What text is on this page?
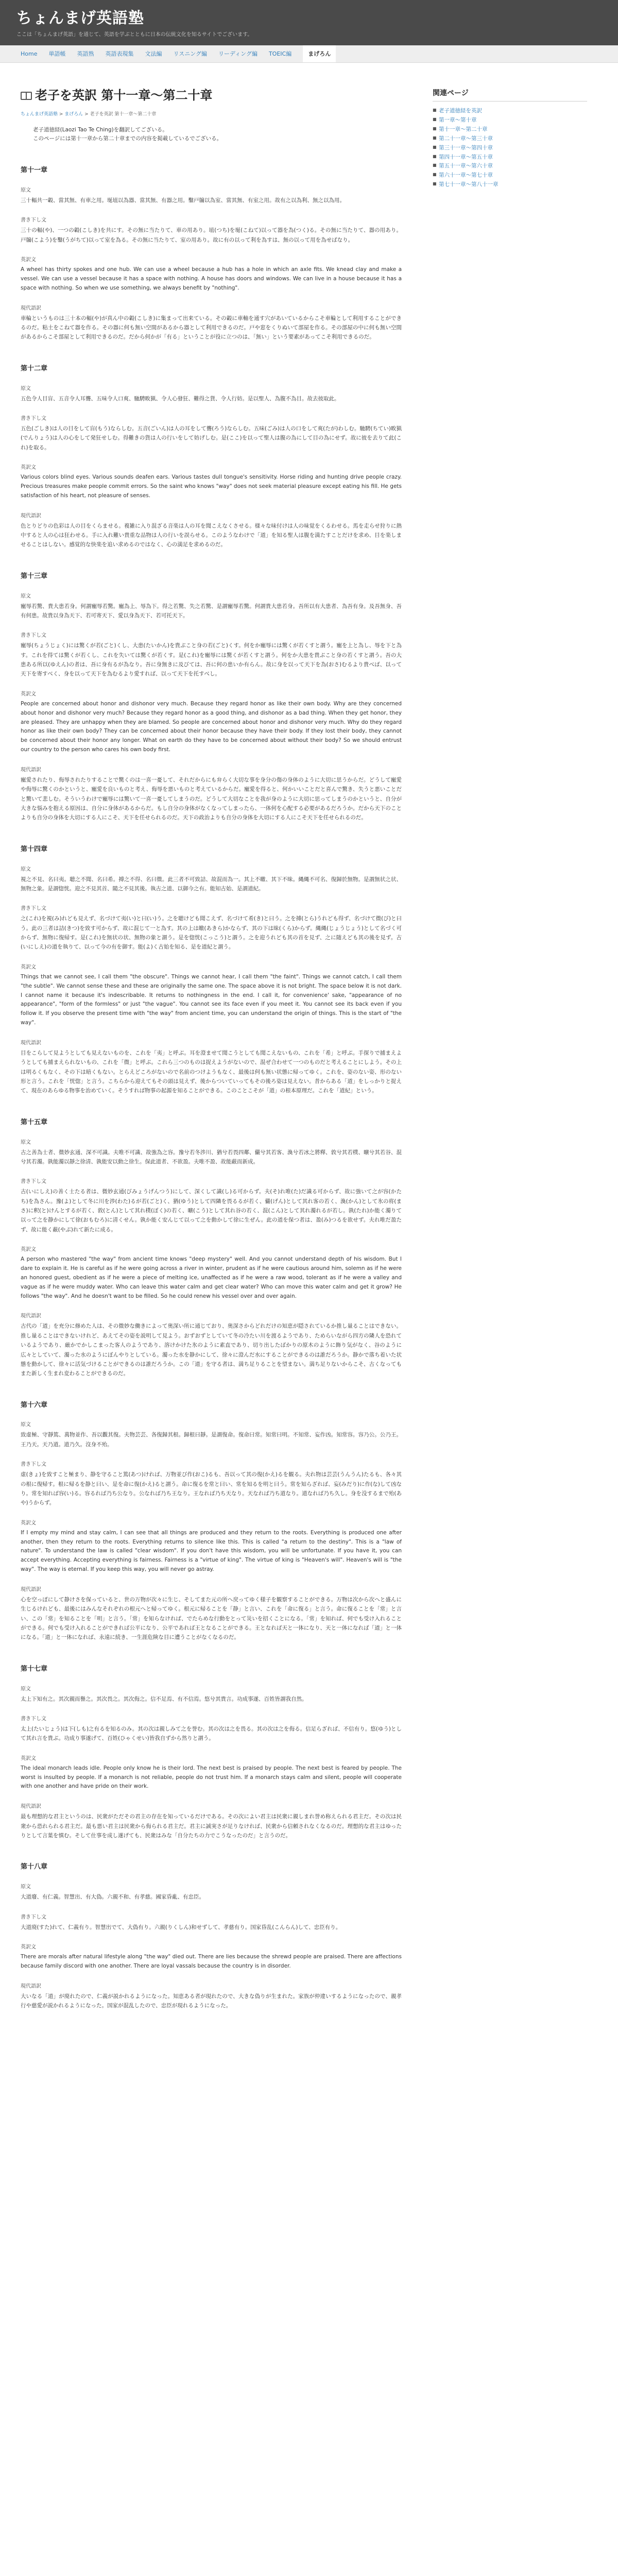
ちょんまげ英語塾
ここは「ちょんまげ英語」を通じて、英語を学ぶとともに日本の伝統文化を知るサイトでございます。
Home 単語帳 英語熟 英語表現集 文法編 リスニング編 リーディング編 TOEIC編	まげろん
老子を英訳 第十一章〜第二十章
ちょんまげ英語塾 > まげろん > 老子を英訳 第十一章〜第二十章

老子道徳経(Laozi Tao Te Ching)を翻訳してございる。

このページには第十一章から第二十章までの内容を掲載しているでございる。

第十一章
原文

三十輻共一轂、當其無、有車之用。埏埴以為器、當其無、有器之用。鑿戸牖以為室、當其無、有室之用。故有之以為利、無之以為用。

書き下し文

三十の輻(や)、一つの轂(こしき)を共にす。その無に当たりて、車の用あり。埴(つち)を埏(こねて)以って器を為(つく)る。その無に当たりて、器の用あり。戸牖(こよう)を鑿(うがちて)以って室を為る。その無に当たりて、室の用あり。故に有の以って利を為すは、無の以って用を為せばなり。

英訳文

A wheel has thirty spokes and one hub. We can use a wheel because a hub has a hole in which an axle fits. We knead clay and make a vessel. We can use a vessel because it has a space with nothing. A house has doors and windows. We can live in a house because it has a space with nothing. So when we use something, we always benefit by "nothing".

現代語訳

車輪というものは三十本の輻(や)が真ん中の轂(こしき)に集まって出来ている。その轂に車軸を通す穴があいているからこそ車輪として利用することができるのだ。粘土をこねて器を作る。その器に何も無い空間があるから器として利用できるのだ。戸や窓をくりぬいて部屋を作る。その部屋の中に何も無い空間があるからこそ部屋として利用できるのだ。だから何かが「有る」ということが役に立つのは、「無い」という要素があってこそ利用できるのだ。

第十二章
原文

五色令人目盲、五音令人耳聾、五味令人口爽、馳騁畋猟、令人心發狂、難得之貨、令人行妨。是以聖人、為腹不為目。故去彼取此。

書き下し文

五色(ごしき)は人の目をして盲(もう)ならしむ。五音(ごいん)は人の耳をして聾(ろう)ならしむ。五味(ごみ)は人の口をして爽(たが)わしむ。馳騁(ちてい)畋猟(でんりょう)は人の心をして発狂せしむ。得難きの貨は人の行いをして妨げしむ。是(ここ)を以って聖人は腹の為にして目の為にせず。故に彼を去りて此(これ)を取る。

英訳文

Various colors blind eyes. Various sounds deafen ears. Various tastes dull tongue's sensitivity. Horse riding and hunting drive people crazy. Precious treasures make people commit errors. So the saint who knows "way" does not seek material pleasure except eating his fill. He gets satisfaction of his heart, not pleasure of senses.

現代語訳

色とりどりの色彩は人の目をくらませる。複雑に入り混ざる音楽は人の耳を聞こえなくさせる。様々な味付けは人の味覚をくるわせる。馬を走らせ狩りに熱中すると人の心は狂わせる。手に入れ難い貴重な品物は人の行いを誤らせる。このようなわけで「道」を知る聖人は腹を満たすことだけを求め、目を楽しませることはしない。感覚的な快楽を追い求めるのではなく、心の満足を求めるのだ。

第十三章
原文

寵辱若驚、貴大患若身。何謂寵辱若驚。寵為上、辱為下。得之若驚、失之若驚、是謂寵辱若驚。何謂貴大患若身。吾所以有大患者、為吾有身。及吾無身、吾有何患。故貴以身為天下、若可寄天下、愛以身為天下、若可托天下。

書き下し文

寵辱(ちょうじょく)には驚くが若(ごと)くし、大患(たいかん)を貴ぶこと身の若(ごと)くす。何をか寵辱には驚くが若くすと謂う。寵を上と為し、辱を下と為す。これを得ては驚くが若くし、これを失いては驚くが若くす。是(これ)を寵辱には驚くが若くすと謂う。何をか大患を貴ぶこと身の若くすと謂う。吾の大患ある所以(ゆえん)の者は、吾に身有るが為なり。吾に身無きに及びては、吾に何の患いか有らん。故に身を以って天下を為(おさ)むるより貴べば、以って天下を寄すべく、身を以って天下を為むるより愛すれば、以って天下を托すべし。

英訳文

People are concerned about honor and dishonor very much. Because they regard honor as like their own body. Why are they concerned about honor and dishonor very much? Because they regard honor as a good thing, and dishonor as a bad thing. When they get honor, they are pleased. They are unhappy when they are blamed. So people are concerned about honor and dishonor very much. Why do they regard honor as like their own body? They can be concerned about their honor because they have their body. If they lost their body, they cannot be concerned about their honor any longer. What on earth do they have to be concerned about without their body? So we should entrust our country to the person who cares his own body first.

現代語訳

寵愛されたり、侮辱されたりすることで驚くのは一喜一憂して、それだからにも弁らく大切な事を身分の傷の身体のように大切に思うからだ。どうして寵愛や侮辱に驚くのかというと、寵愛を良いものと考え、侮辱を悪いものと考えているからだ。寵愛を得ると、何かいいことだと喜んで驚き、失うと悪いことだと驚いて悲しむ。そういうわけで寵辱には驚いて一喜一憂してしまうのだ。どうして大切なことを我が身のように大切に思ってしまうのかというと、自分が大きな悩みを抱える原因は、自分に身体があるからだ。もし自分の身体がなくなってしまったら、一体何を心配する必要があるだろうか。だから天下のことよりも自分の身体を大切にする人にこそ、天下を任せられるのだ。天下の政治よりも自分の身体を大切にする人にこそ天下を任せられるのだ。

第十四章
原文

視之不見、名曰夷。聴之不聞、名曰希。搏之不得、名曰微。此三者不可致詰、故混而為一。其上不皦、其下不昧。縄縄不可名、復歸於無物。是謂無状之状、無物之象。是謂惚恍。迎之不見其首、隨之不見其後。執古之道、以御今之有。能知古始、是謂道紀。

書き下し文

之(これ)を視(み)れども見えず、名づけて夷(い)と曰(い)う。之を聴けども聞こえず、名づけて希(き)と曰う。之を搏(とら)うれども得ず、名づけて微(び)と曰う。此の三者は詰(きつ)を致す可からず、故に混じて一と為す。其の上は皦(あきら)かならず、其の下は昧(くら)からず。縄縄(じょうじょう)として名づく可からず、無物に復帰す。是(これ)を無状の状、無物の象と謂う。是を惚恍(こっこう)と謂う。之を迎うれども其の首を見ず、之に随えども其の後を見ず。古(いにしえ)の道を執りて、以って今の有を御す。能(よ)く古始を知る、是を道紀と謂う。

英訳文

Things that we cannot see, I call them "the obscure". Things we cannot hear, I call them "the faint". Things we cannot catch, I call them "the subtle". We cannot sense these and these are originally the same one. The space above it is not bright. The space below it is not dark. I cannot name it because it's indescribable. It returns to nothingness in the end. I call it, for convenience' sake, "appearance of no appearance", "form of the formless" or just "the vague". You cannot see its face even if you meet it. You cannot see its back even if you follow it. If you observe the present time with "the way" from ancient time, you can understand the origin of things. This is the start of "the way".

現代語訳

目をこらして見ようとしても見えないものを、これを「夷」と呼ぶ。耳を澄ませて聞こうとしても聞こえないもの、これを「希」と呼ぶ。手探りで捕まえようとしても捕まえられないもの、これを「微」と呼ぶ。これら三つのものは捉えようがないので、混ぜ合わせて一つのものだと考えることにしよう。その上は明るくもなく、その下は暗くもない。とらえどころがないので名前のつけようもなく、最後は何も無い状態に帰ってゆく。これを、姿のない姿、形のない形と言う。これを「恍惚」と言う。こちらから迎えてもその頭は見えず、後からついていってもその後ろ姿は見えない。昔からある「道」をしっかりと捉えて、現在のあらゆる物事を治めていく。そうすれば物事の起源を知ることができる。このことこそが「道」の根本原理だ。これを「道紀」という。

第十五章
原文

古之善為士者、微妙玄通、深不可識。夫唯不可識、故強為之容。豫兮若冬渉川、猶兮若畏四鄰、儼兮其若客、渙兮若冰之將釋、敦兮其若樸、曠兮其若谷、混兮其若濁。孰能濁以靜之徐清、孰能安以動之徐生。保此道者、不欲盈。夫唯不盈、故能蔽而新成。

書き下し文

古(いにしえ)の善く士たる者は、微妙玄通(びみょうげんつう)にして、深くして識(し)る可からず。夫(そ)れ唯(た)だ識る可からず、故に強いて之が容(かたち)を為さん。豫(よ)として冬に川を渉(わた)るが若(ごと)く、猶(ゆう)として四隣を畏るるが若く、儼(げん)として其れ客の若く、渙(かん)として氷の将(まさ)に釈(と)けんとするが若く、敦(とん)として其れ樸(ぼく)の若く、曠(こう)として其れ谷の若く、混(こん)として其れ濁れるが若し。孰(たれ)か能く濁りて以って之を静かにして徐(おもむろ)に清くせん。孰か能く安んじて以って之を動かして徐に生ぜん。此の道を保つ者は、盈(み)つるを欲せず。夫れ唯だ盈たず、故に能く蔽(やぶ)れて新たに成る。

英訳文

A person who mastered "the way" from ancient time knows "deep mystery" well. And you cannot understand depth of his wisdom. But I dare to explain it. He is careful as if he were going across a river in winter, prudent as if he were cautious around him, solemn as if he were an honored guest, obedient as if he were a piece of melting ice, unaffected as if he were a raw wood, tolerant as if he were a valley and vague as if he were muddy water. Who can leave this water calm and get clear water? Who can move this water calm and get it grow? He follows "the way". And he doesn't want to be filled. So he could renew his vessel over and over again.

現代語訳

古代の「道」を充分に修めた人は、その微妙な働きによって奥深い所に通じており、奥深さからどれだけの知恵が隠されているか推し量ることはできない。推し量ることはできないけれど、あえてその姿を説明して見よう。おずおずとしていて冬の冷たい川を渡るようであり、ためらいながら四方の隣人を恐れているようであり、厳かでかしこまった客人のようであり、溶けかけた氷のように素直であり、切り出したばかりの原木のように飾り気がなく、谷のように広々としていて、濁った水のようにぼんやりとしている。濁った水を静かにして、徐々に澄んだ水にすることができるのは誰だろうか。静かで落ち着いた状態を動かして、徐々に活気づけることができるのは誰だろうか。この「道」を守る者は、満ち足りることを望まない。満ち足りないからこそ、古くなってもまた新しく生まれ変わることができるのだ。

第十六章
原文

致虚極、守靜篤、萬物並作、吾以觀其復。夫物芸芸、各復歸其根。歸根曰靜。是謂復命。復命曰常。知常曰明。不知常、妄作凶。知常容。容乃公。公乃王。王乃天。天乃道。道乃久。沒身不殆。

書き下し文

虚(きょ)を致すこと極まり、静を守ること篤(あつ)ければ、万物並び作(おこ)るも、吾以って其の復(かえ)るを観る。夫れ物は芸芸(うんうん)たるも、各々其の根に復帰す。根に帰るを静と曰い、是を命に復(かえ)ると謂う。命に復るを常と曰い、常を知るを明と曰う。常を知らざれば、妄(みだり)に作(な)して凶なり。常を知れば容(い)る。容るれば乃ち公なり。公なれば乃ち王なり。王なれば乃ち天なり。天なれば乃ち道なり。道なれば乃ち久し。身を没するまで殆(あや)うからず。

英訳文

If I empty my mind and stay calm, I can see that all things are produced and they return to the roots. Everything is produced one after another, then they return to the roots. Everything returns to silence like this. This is called "a return to the destiny". This is a "law of nature". To understand the law is called "clear wisdom". If you don't have this wisdom, you will be unfortunate. If you have it, you can accept everything. Accepting everything is fairness. Fairness is a "virtue of king". The virtue of king is "Heaven's will". Heaven's will is "the way". The way is eternal. If you keep this way, you will never go astray.

現代語訳

心を空っぽにして静けさを保っていると、世の万物が次々に生じ、そしてまた元の所へ戻ってゆく様子を観察することができる。万物は次から次へと盛んに生じるけれども、最後にはみんなそれぞれの根元へと帰ってゆく。根元に帰ることを「静」と言い、これを「命に復る」と言う。命に復ることを「常」と言い、この「常」を知ることを「明」と言う。「常」を知らなければ、でたらめな行動をとって災いを招くことになる。「常」を知れば、何でも受け入れることができる。何でも受け入れることができれば公平になり、公平であれば王となることができる。王となれば天と一体になり、天と一体になれば「道」と一体になる。「道」と一体になれば、永遠に続き、一生涯危険な目に遭うことがなくなるのだ。

第十七章
原文

太上下知有之。其次親而譽之。其次畏之。其次侮之。信不足焉、有不信焉。悠兮其貴言。功成事遂、百姓皆謂我自然。

書き下し文

太上(たいじょう)は下(しも)之有るを知るのみ。其の次は親しみて之を誉む。其の次は之を畏る。其の次は之を侮る。信足らざれば、不信有り。悠(ゆう)として其れ言を貴ぶ。功成り事遂げて、百姓(ひゃくせい)皆我自ずから然りと謂う。

英訳文

The ideal monarch leads idle. People only know he is their lord. The next best is praised by people. The next best is feared by people. The worst is insulted by people. If a monarch is not reliable, people do not trust him. If a monarch stays calm and silent, people will cooperate with one another and have pride on their work.

現代語訳

最も理想的な君主というのは、民衆がただその君主の存在を知っているだけである。その次によい君主は民衆に親しまれ誉め称えられる君主だ。その次は民衆から恐れられる君主だ。最も悪い君主は民衆から侮られる君主だ。君主に誠実さが足りなければ、民衆から信頼されなくなるのだ。理想的な君主はゆったりとして言葉を慎む。そして仕事を成し遂げても、民衆はみな「自分たちの力でこうなったのだ」と言うのだ。

第十八章
原文

大道廢、有仁義。智慧出、有大偽。六親不和、有孝慈。國家昏亂、有忠臣。

書き下し文

大道廃(すた)れて、仁義有り。智慧出でて、大偽有り。六親(りくしん)和せずして、孝慈有り。国家昏乱(こんらん)して、忠臣有り。

英訳文

There are morals after natural lifestyle along "the way" died out. There are lies because the shrewd people are praised. There are affections because family discord with one another. There are loyal vassals because the country is in disorder.

現代語訳

大いなる「道」が廃れたので、仁義が説かれるようになった。知恵ある者が現れたので、大きな偽りが生まれた。家族が仲違いするようになったので、親孝行や慈愛が説かれるようになった。国家が混乱したので、忠臣が現れるようになった。

関連ページ
■ 老子道徳経を英訳
■ 第一章〜第十章
■ 第十一章〜第二十章
■ 第二十一章〜第三十章
■ 第三十一章〜第四十章
■ 第四十一章〜第五十章
■ 第五十一章〜第六十章
■ 第六十一章〜第七十章
■ 第七十一章〜第八十一章
